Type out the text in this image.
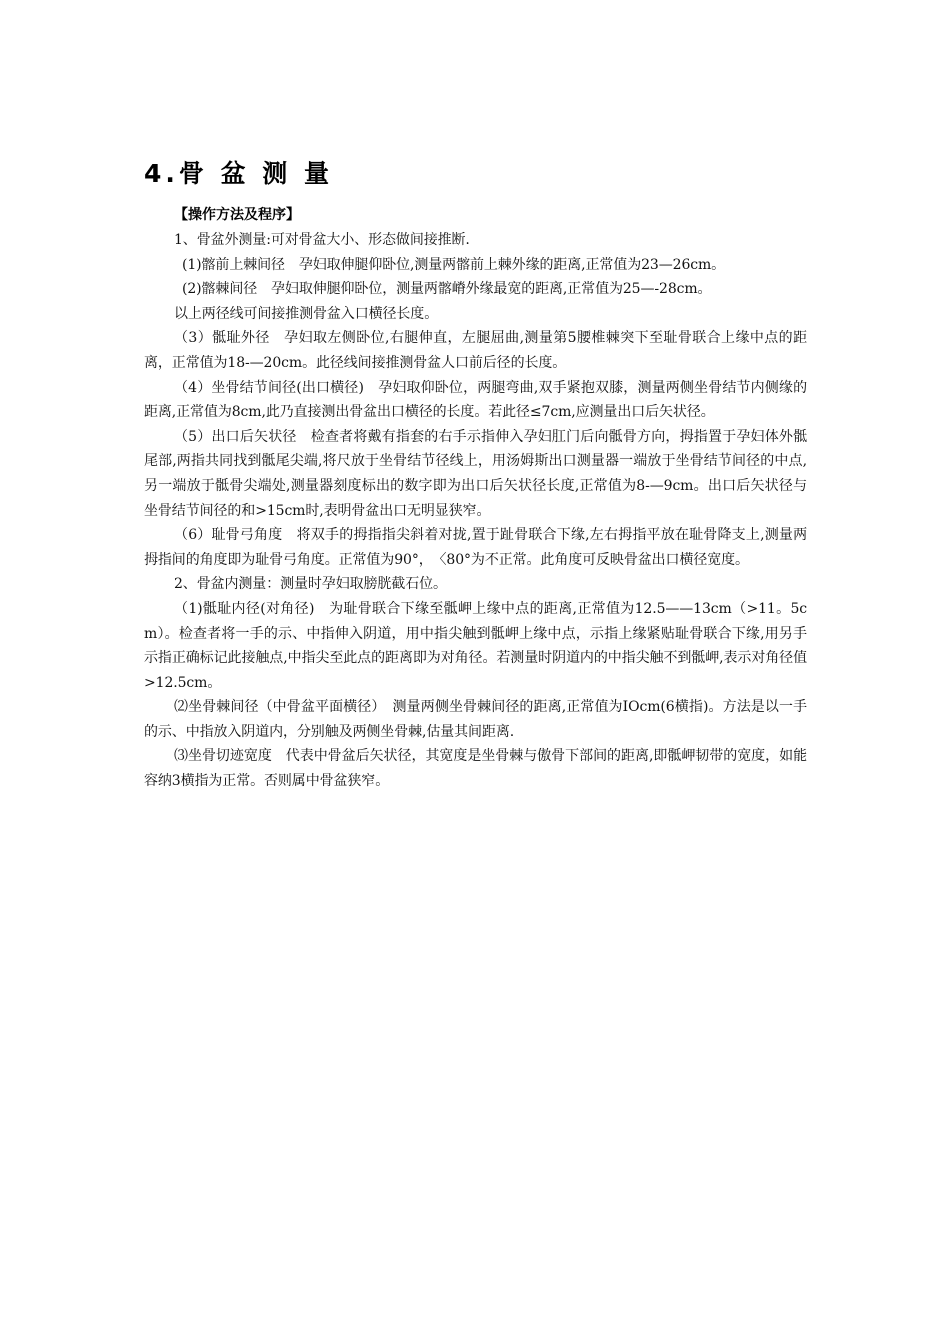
4.骨 盆 测 量

【操作方法及程序】

1、骨盆外测量:可对骨盆大小、形态做间接推断.

(1)髂前上棘间径　孕妇取伸腿仰卧位,测量两髂前上棘外缘的距离,正常值为23—26cm。

(2)髂棘间径　孕妇取伸腿仰卧位，测量两髂嵴外缘最宽的距离,正常值为25—-28cm。

以上两径线可间接推测骨盆入口横径长度。

（3）骶耻外径　孕妇取左侧卧位,右腿伸直，左腿屈曲,测量第5腰椎棘突下至耻骨联合上缘中点的距离，正常值为18-—20cm。此径线间接推测骨盆人口前后径的长度。

（4）坐骨结节间径(出口横径)　孕妇取仰卧位，两腿弯曲,双手紧抱双膝，测量两侧坐骨结节内侧缘的距离,正常值为8cm,此乃直接测出骨盆出口横径的长度。若此径≤7cm,应测量出口后矢状径。

（5）出口后矢状径　检查者将戴有指套的右手示指伸入孕妇肛门后向骶骨方向，拇指置于孕妇体外骶尾部,两指共同找到骶尾尖端,将尺放于坐骨结节径线上，用汤姆斯出口测量器一端放于坐骨结节间径的中点,另一端放于骶骨尖端处,测量器刻度标出的数字即为出口后矢状径长度,正常值为8-—9cm。出口后矢状径与坐骨结节间径的和>15cm时,表明骨盆出口无明显狭窄。

（6）耻骨弓角度　将双手的拇指指尖斜着对拢,置于趾骨联合下缘,左右拇指平放在耻骨降支上,测量两拇指间的角度即为耻骨弓角度。正常值为90°，　〈80°为不正常。此角度可反映骨盆出口横径宽度。

2、骨盆内测量：测量时孕妇取膀胱截石位。

（1)骶耻内径(对角径)　为耻骨联合下缘至骶岬上缘中点的距离,正常值为12.5——13cm（>11。5cm）。检查者将一手的示、中指伸入阴道，用中指尖触到骶岬上缘中点，示指上缘紧贴耻骨联合下缘,用另手示指正确标记此接触点,中指尖至此点的距离即为对角径。若测量时阴道内的中指尖触不到骶岬,表示对角径值>12.5cm。

⑵坐骨棘间径（中骨盆平面横径）　测量两侧坐骨棘间径的距离,正常值为IOcm(6横指)。方法是以一手的示、中指放入阴道内，分别触及两侧坐骨棘,估量其间距离.

⑶坐骨切迹宽度　代表中骨盆后矢状径，其宽度是坐骨棘与傲骨下部间的距离,即骶岬韧带的宽度，如能容纳3横指为正常。否则属中骨盆狭窄。
